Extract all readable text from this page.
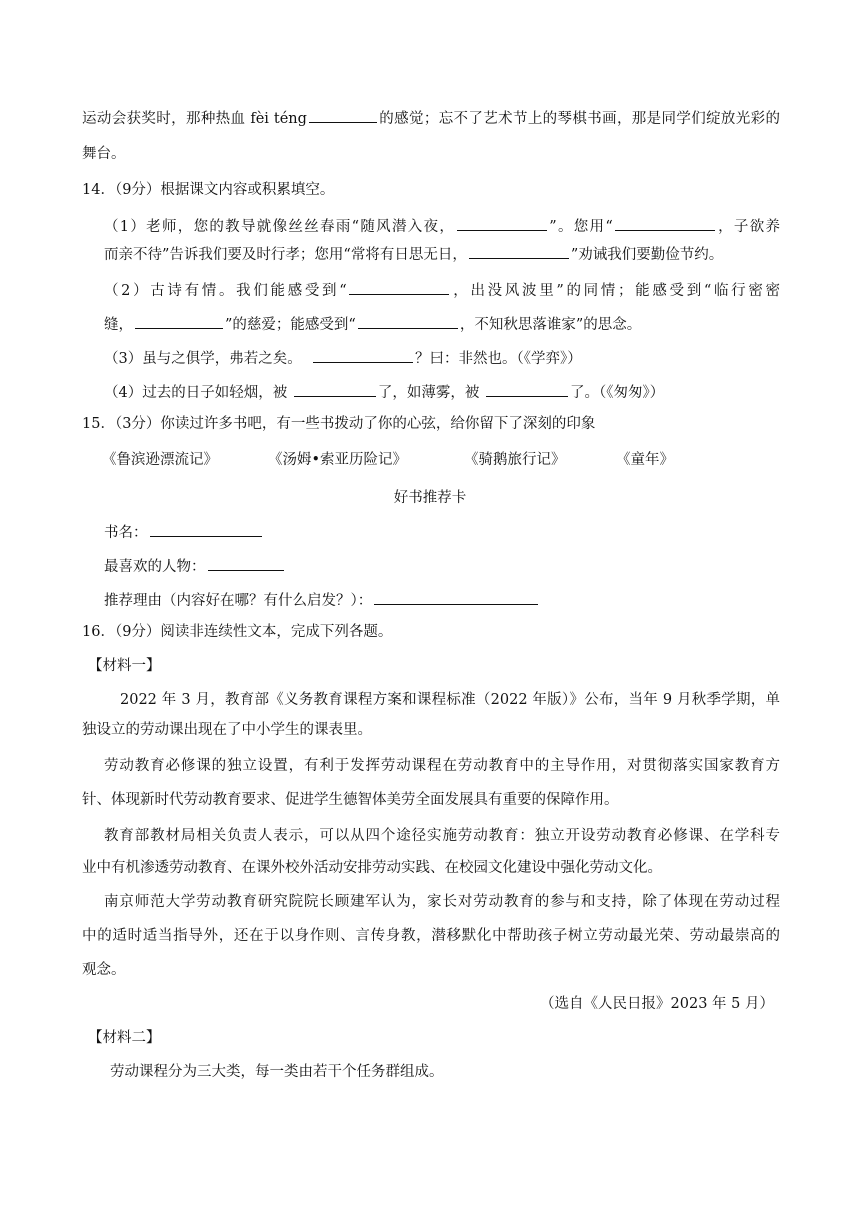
运动会获奖时，那种热血 fèi téng	的感觉；忘不了艺术节上的琴棋书画，那是同学们绽放光彩的
舞台。
14．（9分）根据课文内容或积累填空。
（1）老师，您的教导就像丝丝春雨“随风潜入夜，	”。您用“	，子欲养
而亲不待”告诉我们要及时行孝；您用“常将有日思无日，	”劝诫我们要勤俭节约。
（2）古诗有情。我们能感受到“	，出没风波里”的同情；能感受到“临行密密
缝，	”的慈爱；能感受到“	，不知秋思落谁家”的思念。
（3）虽与之俱学，弗若之矣。	？曰：非然也。（《学弈》）
（4）过去的日子如轻烟，被	了，如薄雾，被	了。（《匆匆》）
15．（3分）你读过许多书吧，有一些书拨动了你的心弦，给你留下了深刻的印象
《鲁滨逊漂流记》	《汤姆•索亚历险记》	《骑鹅旅行记》	《童年》
好书推荐卡
书名：
最喜欢的人物：
推荐理由（内容好在哪？有什么启发？）：
16．（9分）阅读非连续性文本，完成下列各题。
【材料一】
2022 年 3 月，教育部《义务教育课程方案和课程标准（2022 年版）》公布，当年 9 月秋季学期，单
独设立的劳动课出现在了中小学生的课表里。
劳动教育必修课的独立设置，有利于发挥劳动课程在劳动教育中的主导作用，对贯彻落实国家教育方
针、体现新时代劳动教育要求、促进学生德智体美劳全面发展具有重要的保障作用。
教育部教材局相关负责人表示，可以从四个途径实施劳动教育：独立开设劳动教育必修课、在学科专
业中有机渗透劳动教育、在课外校外活动安排劳动实践、在校园文化建设中强化劳动文化。
南京师范大学劳动教育研究院院长顾建军认为，家长对劳动教育的参与和支持，除了体现在劳动过程
中的适时适当指导外，还在于以身作则、言传身教，潜移默化中帮助孩子树立劳动最光荣、劳动最崇高的
观念。
（选自《人民日报》2023 年 5 月）
【材料二】
劳动课程分为三大类，每一类由若干个任务群组成。
